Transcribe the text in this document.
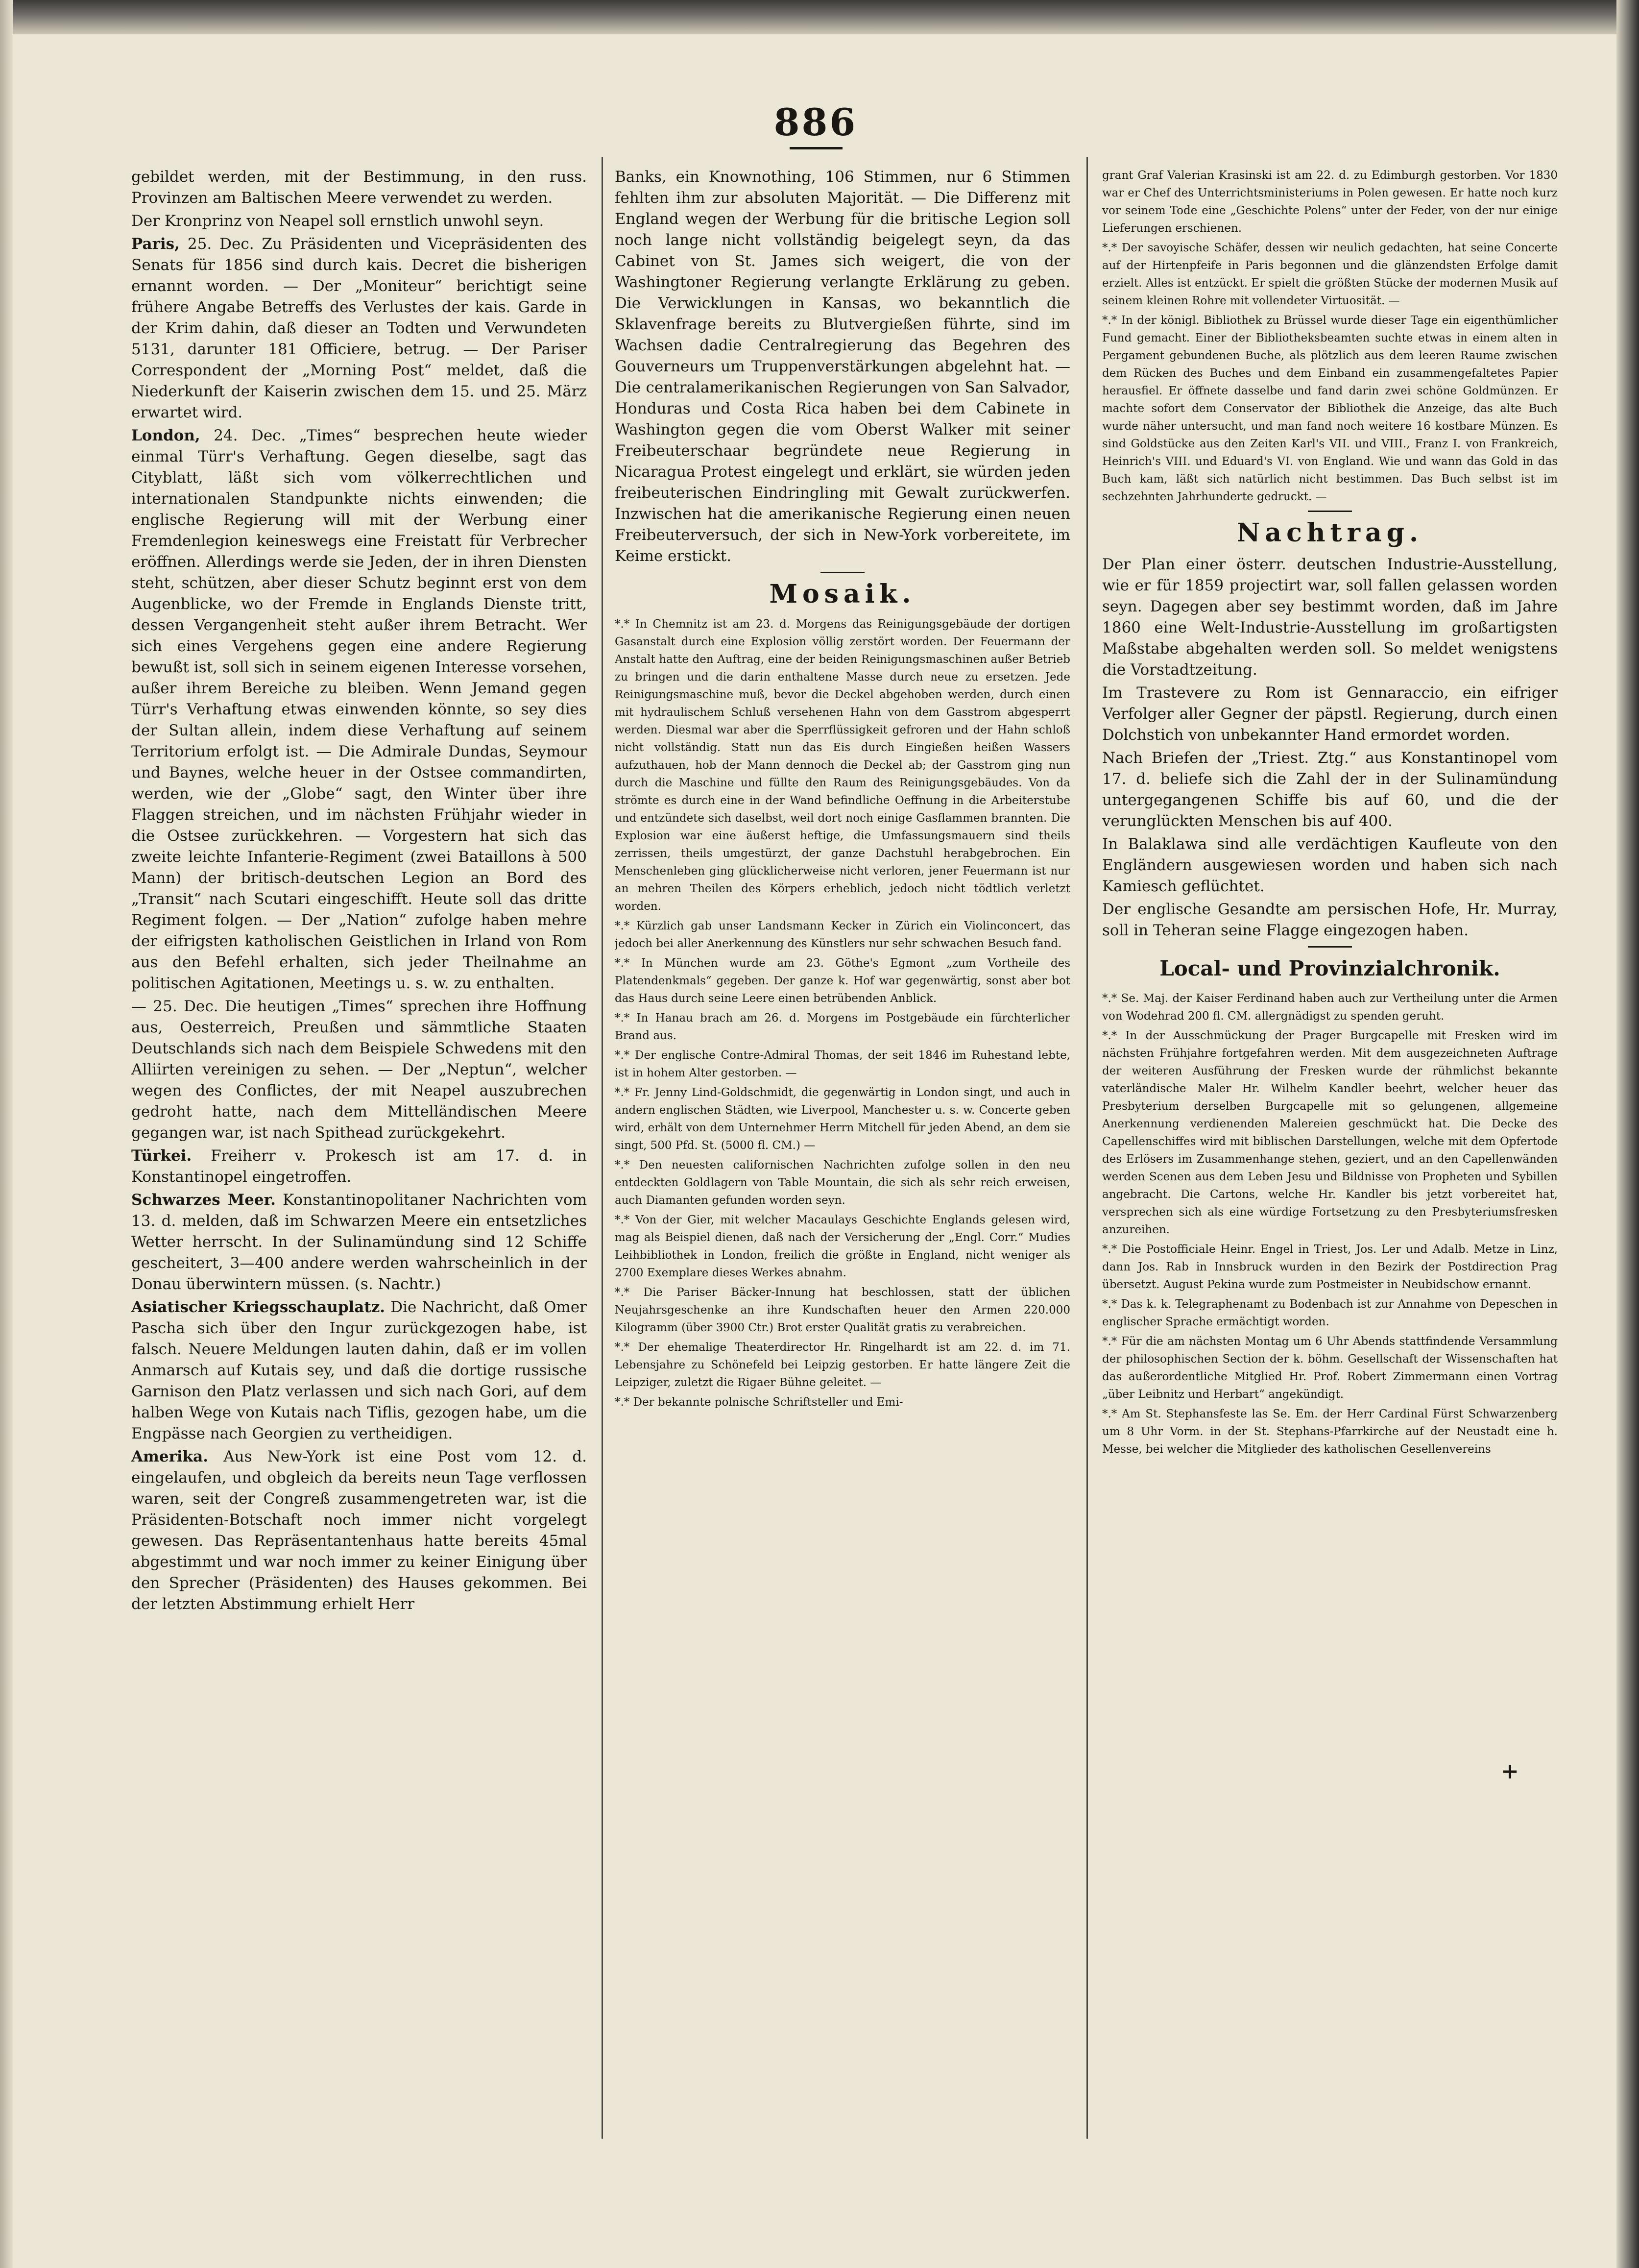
886

gebildet werden, mit der Bestimmung, in den russ. Provinzen am Baltischen Meere verwendet zu werden.

Der Kronprinz von Neapel soll ernstlich unwohl seyn.

Paris, 25. Dec. Zu Präsidenten und Vicepräsidenten des Senats für 1856 sind durch kais. Decret die bisherigen ernannt worden. — Der „Moniteur“ berichtigt seine frühere Angabe Betreffs des Verlustes der kais. Garde in der Krim dahin, daß dieser an Todten und Verwundeten 5131, darunter 181 Officiere, betrug. — Der Pariser Correspondent der „Morning Post“ meldet, daß die Niederkunft der Kaiserin zwischen dem 15. und 25. März erwartet wird.

London, 24. Dec. „Times“ besprechen heute wieder einmal Türr's Verhaftung. Gegen dieselbe, sagt das Cityblatt, läßt sich vom völkerrechtlichen und internationalen Standpunkte nichts einwenden; die englische Regierung will mit der Werbung einer Fremdenlegion keineswegs eine Freistatt für Verbrecher eröffnen. Allerdings werde sie Jeden, der in ihren Diensten steht, schützen, aber dieser Schutz beginnt erst von dem Augenblicke, wo der Fremde in Englands Dienste tritt, dessen Vergangenheit steht außer ihrem Betracht. Wer sich eines Vergehens gegen eine andere Regierung bewußt ist, soll sich in seinem eigenen Interesse vorsehen, außer ihrem Bereiche zu bleiben. Wenn Jemand gegen Türr's Verhaftung etwas einwenden könnte, so sey dies der Sultan allein, indem diese Verhaftung auf seinem Territorium erfolgt ist. — Die Admirale Dundas, Seymour und Baynes, welche heuer in der Ostsee commandirten, werden, wie der „Globe“ sagt, den Winter über ihre Flaggen streichen, und im nächsten Frühjahr wieder in die Ostsee zurückkehren. — Vorgestern hat sich das zweite leichte Infanterie-Regiment (zwei Bataillons à 500 Mann) der britisch-deutschen Legion an Bord des „Transit“ nach Scutari eingeschifft. Heute soll das dritte Regiment folgen. — Der „Nation“ zufolge haben mehre der eifrigsten katholischen Geistlichen in Irland von Rom aus den Befehl erhalten, sich jeder Theilnahme an politischen Agitationen, Meetings u. s. w. zu enthalten.

— 25. Dec. Die heutigen „Times“ sprechen ihre Hoffnung aus, Oesterreich, Preußen und sämmtliche Staaten Deutschlands sich nach dem Beispiele Schwedens mit den Alliirten vereinigen zu sehen. — Der „Neptun“, welcher wegen des Conflictes, der mit Neapel auszubrechen gedroht hatte, nach dem Mittelländischen Meere gegangen war, ist nach Spithead zurückgekehrt.

Türkei. Freiherr v. Prokesch ist am 17. d. in Konstantinopel eingetroffen.

Schwarzes Meer. Konstantinopolitaner Nachrichten vom 13. d. melden, daß im Schwarzen Meere ein entsetzliches Wetter herrscht. In der Sulinamündung sind 12 Schiffe gescheitert, 3—400 andere werden wahrscheinlich in der Donau überwintern müssen. (s. Nachtr.)

Asiatischer Kriegsschauplatz. Die Nachricht, daß Omer Pascha sich über den Ingur zurückgezogen habe, ist falsch. Neuere Meldungen lauten dahin, daß er im vollen Anmarsch auf Kutais sey, und daß die dortige russische Garnison den Platz verlassen und sich nach Gori, auf dem halben Wege von Kutais nach Tiflis, gezogen habe, um die Engpässe nach Georgien zu vertheidigen.

Amerika. Aus New-York ist eine Post vom 12. d. eingelaufen, und obgleich da bereits neun Tage verflossen waren, seit der Congreß zusammengetreten war, ist die Präsidenten-Botschaft noch immer nicht vorgelegt gewesen. Das Repräsentantenhaus hatte bereits 45mal abgestimmt und war noch immer zu keiner Einigung über den Sprecher (Präsidenten) des Hauses gekommen. Bei der letzten Abstimmung erhielt Herr

Banks, ein Knownothing, 106 Stimmen, nur 6 Stimmen fehlten ihm zur absoluten Majorität. — Die Differenz mit England wegen der Werbung für die britische Legion soll noch lange nicht vollständig beigelegt seyn, da das Cabinet von St. James sich weigert, die von der Washingtoner Regierung verlangte Erklärung zu geben. Die Verwicklungen in Kansas, wo bekanntlich die Sklavenfrage bereits zu Blutvergießen führte, sind im Wachsen dadie Centralregierung das Begehren des Gouverneurs um Truppenverstärkungen abgelehnt hat. — Die centralamerikanischen Regierungen von San Salvador, Honduras und Costa Rica haben bei dem Cabinete in Washington gegen die vom Oberst Walker mit seiner Freibeuterschaar begründete neue Regierung in Nicaragua Protest eingelegt und erklärt, sie würden jeden freibeuterischen Eindringling mit Gewalt zurückwerfen. Inzwischen hat die amerikanische Regierung einen neuen Freibeuterversuch, der sich in New-York vorbereitete, im Keime erstickt.

Mosaik.

*.* In Chemnitz ist am 23. d. Morgens das Reinigungsgebäude der dortigen Gasanstalt durch eine Explosion völlig zerstört worden. Der Feuermann der Anstalt hatte den Auftrag, eine der beiden Reinigungsmaschinen außer Betrieb zu bringen und die darin enthaltene Masse durch neue zu ersetzen. Jede Reinigungsmaschine muß, bevor die Deckel abgehoben werden, durch einen mit hydraulischem Schluß versehenen Hahn von dem Gasstrom abgesperrt werden. Diesmal war aber die Sperrflüssigkeit gefroren und der Hahn schloß nicht vollständig. Statt nun das Eis durch Eingießen heißen Wassers aufzuthauen, hob der Mann dennoch die Deckel ab; der Gasstrom ging nun durch die Maschine und füllte den Raum des Reinigungsgebäudes. Von da strömte es durch eine in der Wand befindliche Oeffnung in die Arbeiterstube und entzündete sich daselbst, weil dort noch einige Gasflammen brannten. Die Explosion war eine äußerst heftige, die Umfassungsmauern sind theils zerrissen, theils umgestürzt, der ganze Dachstuhl herabgebrochen. Ein Menschenleben ging glücklicherweise nicht verloren, jener Feuermann ist nur an mehren Theilen des Körpers erheblich, jedoch nicht tödtlich verletzt worden.

*.* Kürzlich gab unser Landsmann Kecker in Zürich ein Violinconcert, das jedoch bei aller Anerkennung des Künstlers nur sehr schwachen Besuch fand.

*.* In München wurde am 23. Göthe's Egmont „zum Vortheile des Platendenkmals“ gegeben. Der ganze k. Hof war gegenwärtig, sonst aber bot das Haus durch seine Leere einen betrübenden Anblick.

*.* In Hanau brach am 26. d. Morgens im Postgebäude ein fürchterlicher Brand aus.

*.* Der englische Contre-Admiral Thomas, der seit 1846 im Ruhestand lebte, ist in hohem Alter gestorben. —

*.* Fr. Jenny Lind-Goldschmidt, die gegenwärtig in London singt, und auch in andern englischen Städten, wie Liverpool, Manchester u. s. w. Concerte geben wird, erhält von dem Unternehmer Herrn Mitchell für jeden Abend, an dem sie singt, 500 Pfd. St. (5000 fl. CM.) —

*.* Den neuesten californischen Nachrichten zufolge sollen in den neu entdeckten Goldlagern von Table Mountain, die sich als sehr reich erweisen, auch Diamanten gefunden worden seyn.

*.* Von der Gier, mit welcher Macaulays Geschichte Englands gelesen wird, mag als Beispiel dienen, daß nach der Versicherung der „Engl. Corr.“ Mudies Leihbibliothek in London, freilich die größte in England, nicht weniger als 2700 Exemplare dieses Werkes abnahm.

*.* Die Pariser Bäcker-Innung hat beschlossen, statt der üblichen Neujahrsgeschenke an ihre Kundschaften heuer den Armen 220.000 Kilogramm (über 3900 Ctr.) Brot erster Qualität gratis zu verabreichen.

*.* Der ehemalige Theaterdirector Hr. Ringelhardt ist am 22. d. im 71. Lebensjahre zu Schönefeld bei Leipzig gestorben. Er hatte längere Zeit die Leipziger, zuletzt die Rigaer Bühne geleitet. —

*.* Der bekannte polnische Schriftsteller und Emi-

grant Graf Valerian Krasinski ist am 22. d. zu Edimburgh gestorben. Vor 1830 war er Chef des Unterrichtsministeriums in Polen gewesen. Er hatte noch kurz vor seinem Tode eine „Geschichte Polens“ unter der Feder, von der nur einige Lieferungen erschienen.

*.* Der savoyische Schäfer, dessen wir neulich gedachten, hat seine Concerte auf der Hirtenpfeife in Paris begonnen und die glänzendsten Erfolge damit erzielt. Alles ist entzückt. Er spielt die größten Stücke der modernen Musik auf seinem kleinen Rohre mit vollendeter Virtuosität. —

*.* In der königl. Bibliothek zu Brüssel wurde dieser Tage ein eigenthümlicher Fund gemacht. Einer der Bibliotheksbeamten suchte etwas in einem alten in Pergament gebundenen Buche, als plötzlich aus dem leeren Raume zwischen dem Rücken des Buches und dem Einband ein zusammengefaltetes Papier herausfiel. Er öffnete dasselbe und fand darin zwei schöne Goldmünzen. Er machte sofort dem Conservator der Bibliothek die Anzeige, das alte Buch wurde näher untersucht, und man fand noch weitere 16 kostbare Münzen. Es sind Goldstücke aus den Zeiten Karl's VII. und VIII., Franz I. von Frankreich, Heinrich's VIII. und Eduard's VI. von England. Wie und wann das Gold in das Buch kam, läßt sich natürlich nicht bestimmen. Das Buch selbst ist im sechzehnten Jahrhunderte gedruckt. —

Nachtrag.

Der Plan einer österr. deutschen Industrie-Ausstellung, wie er für 1859 projectirt war, soll fallen gelassen worden seyn. Dagegen aber sey bestimmt worden, daß im Jahre 1860 eine Welt-Industrie-Ausstellung im großartigsten Maßstabe abgehalten werden soll. So meldet wenigstens die Vorstadtzeitung.

Im Trastevere zu Rom ist Gennaraccio, ein eifriger Verfolger aller Gegner der päpstl. Regierung, durch einen Dolchstich von unbekannter Hand ermordet worden.

Nach Briefen der „Triest. Ztg.“ aus Konstantinopel vom 17. d. beliefe sich die Zahl der in der Sulinamündung untergegangenen Schiffe bis auf 60, und die der verunglückten Menschen bis auf 400.

In Balaklawa sind alle verdächtigen Kaufleute von den Engländern ausgewiesen worden und haben sich nach Kamiesch geflüchtet.

Der englische Gesandte am persischen Hofe, Hr. Murray, soll in Teheran seine Flagge eingezogen haben.

Local- und Provinzialchronik.

*.* Se. Maj. der Kaiser Ferdinand haben auch zur Vertheilung unter die Armen von Wodehrad 200 fl. CM. allergnädigst zu spenden geruht.

*.* In der Ausschmückung der Prager Burgcapelle mit Fresken wird im nächsten Frühjahre fortgefahren werden. Mit dem ausgezeichneten Auftrage der weiteren Ausführung der Fresken wurde der rühmlichst bekannte vaterländische Maler Hr. Wilhelm Kandler beehrt, welcher heuer das Presbyterium derselben Burgcapelle mit so gelungenen, allgemeine Anerkennung verdienenden Malereien geschmückt hat. Die Decke des Capellenschiffes wird mit biblischen Darstellungen, welche mit dem Opfertode des Erlösers im Zusammenhange stehen, geziert, und an den Capellenwänden werden Scenen aus dem Leben Jesu und Bildnisse von Propheten und Sybillen angebracht. Die Cartons, welche Hr. Kandler bis jetzt vorbereitet hat, versprechen sich als eine würdige Fortsetzung zu den Presbyteriumsfresken anzureihen.

*.* Die Postofficiale Heinr. Engel in Triest, Jos. Ler und Adalb. Metze in Linz, dann Jos. Rab in Innsbruck wurden in den Bezirk der Postdirection Prag übersetzt. August Pekina wurde zum Postmeister in Neubidschow ernannt.

*.* Das k. k. Telegraphenamt zu Bodenbach ist zur Annahme von Depeschen in englischer Sprache ermächtigt worden.

*.* Für die am nächsten Montag um 6 Uhr Abends stattfindende Versammlung der philosophischen Section der k. böhm. Gesellschaft der Wissenschaften hat das außerordentliche Mitglied Hr. Prof. Robert Zimmermann einen Vortrag „über Leibnitz und Herbart“ angekündigt.

*.* Am St. Stephansfeste las Se. Em. der Herr Cardinal Fürst Schwarzenberg um 8 Uhr Vorm. in der St. Stephans-Pfarrkirche auf der Neustadt eine h. Messe, bei welcher die Mitglieder des katholischen Gesellenvereins

+
